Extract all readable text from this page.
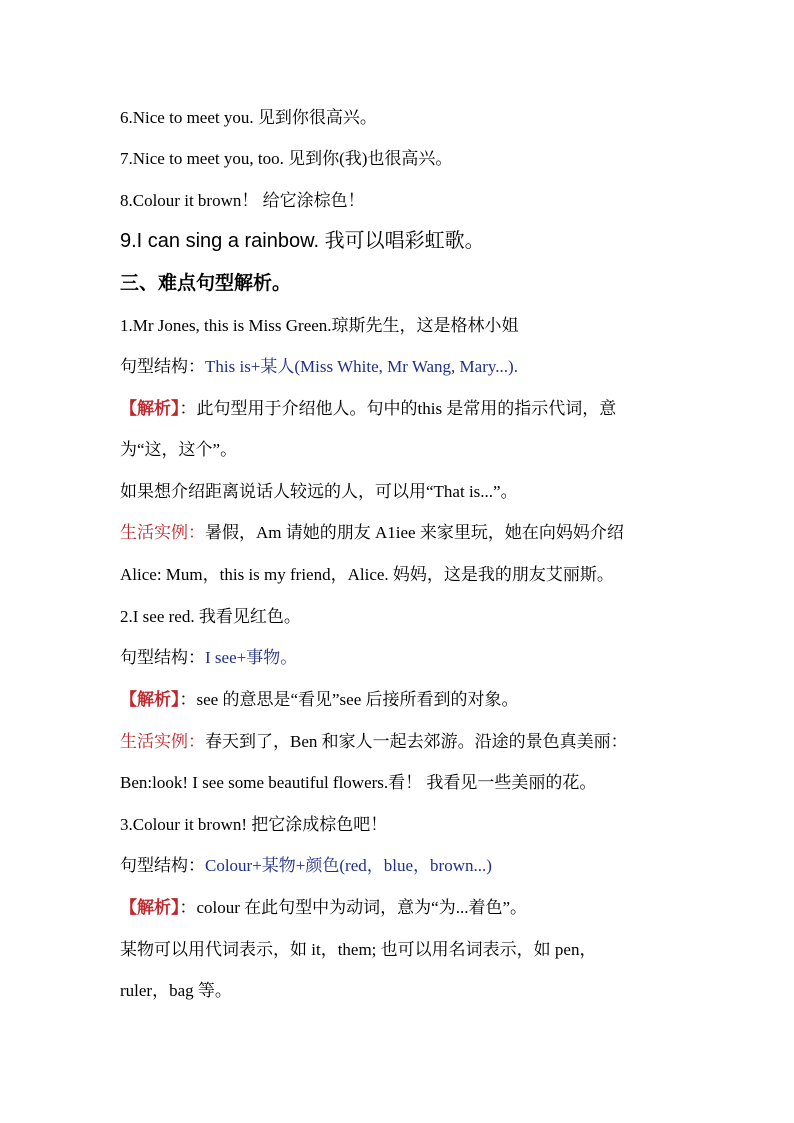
6.Nice to meet you. 见到你很高兴。
7.Nice to meet you, too. 见到你(我)也很高兴。
8.Colour it brown！ 给它涂棕色！
9.I can sing a rainbow. 我可以唱彩虹歌。
三、难点句型解析。
1.Mr Jones, this is Miss Green.琼斯先生，这是格林小姐
句型结构：This is+某人(Miss White, Mr Wang, Mary...).
【解析】：此句型用于介绍他人。句中的this 是常用的指示代词，意
为“这，这个”。
如果想介绍距离说话人较远的人，可以用“That is...”。
生活实例：暑假，Am 请她的朋友 A1iee 来家里玩，她在向妈妈介绍
Alice: Mum，this is my friend，Alice. 妈妈，这是我的朋友艾丽斯。
2.I see red. 我看见红色。
句型结构：I see+事物。
【解析】：see 的意思是“看见”see 后接所看到的对象。
生活实例：春天到了，Ben 和家人一起去郊游。沿途的景色真美丽：
Ben:look! I see some beautiful flowers.看！ 我看见一些美丽的花。
3.Colour it brown! 把它涂成棕色吧！
句型结构：Colour+某物+颜色(red，blue，brown...)
【解析】：colour 在此句型中为动词，意为“为...着色”。
某物可以用代词表示，如 it，them; 也可以用名词表示，如 pen，
ruler，bag 等。
